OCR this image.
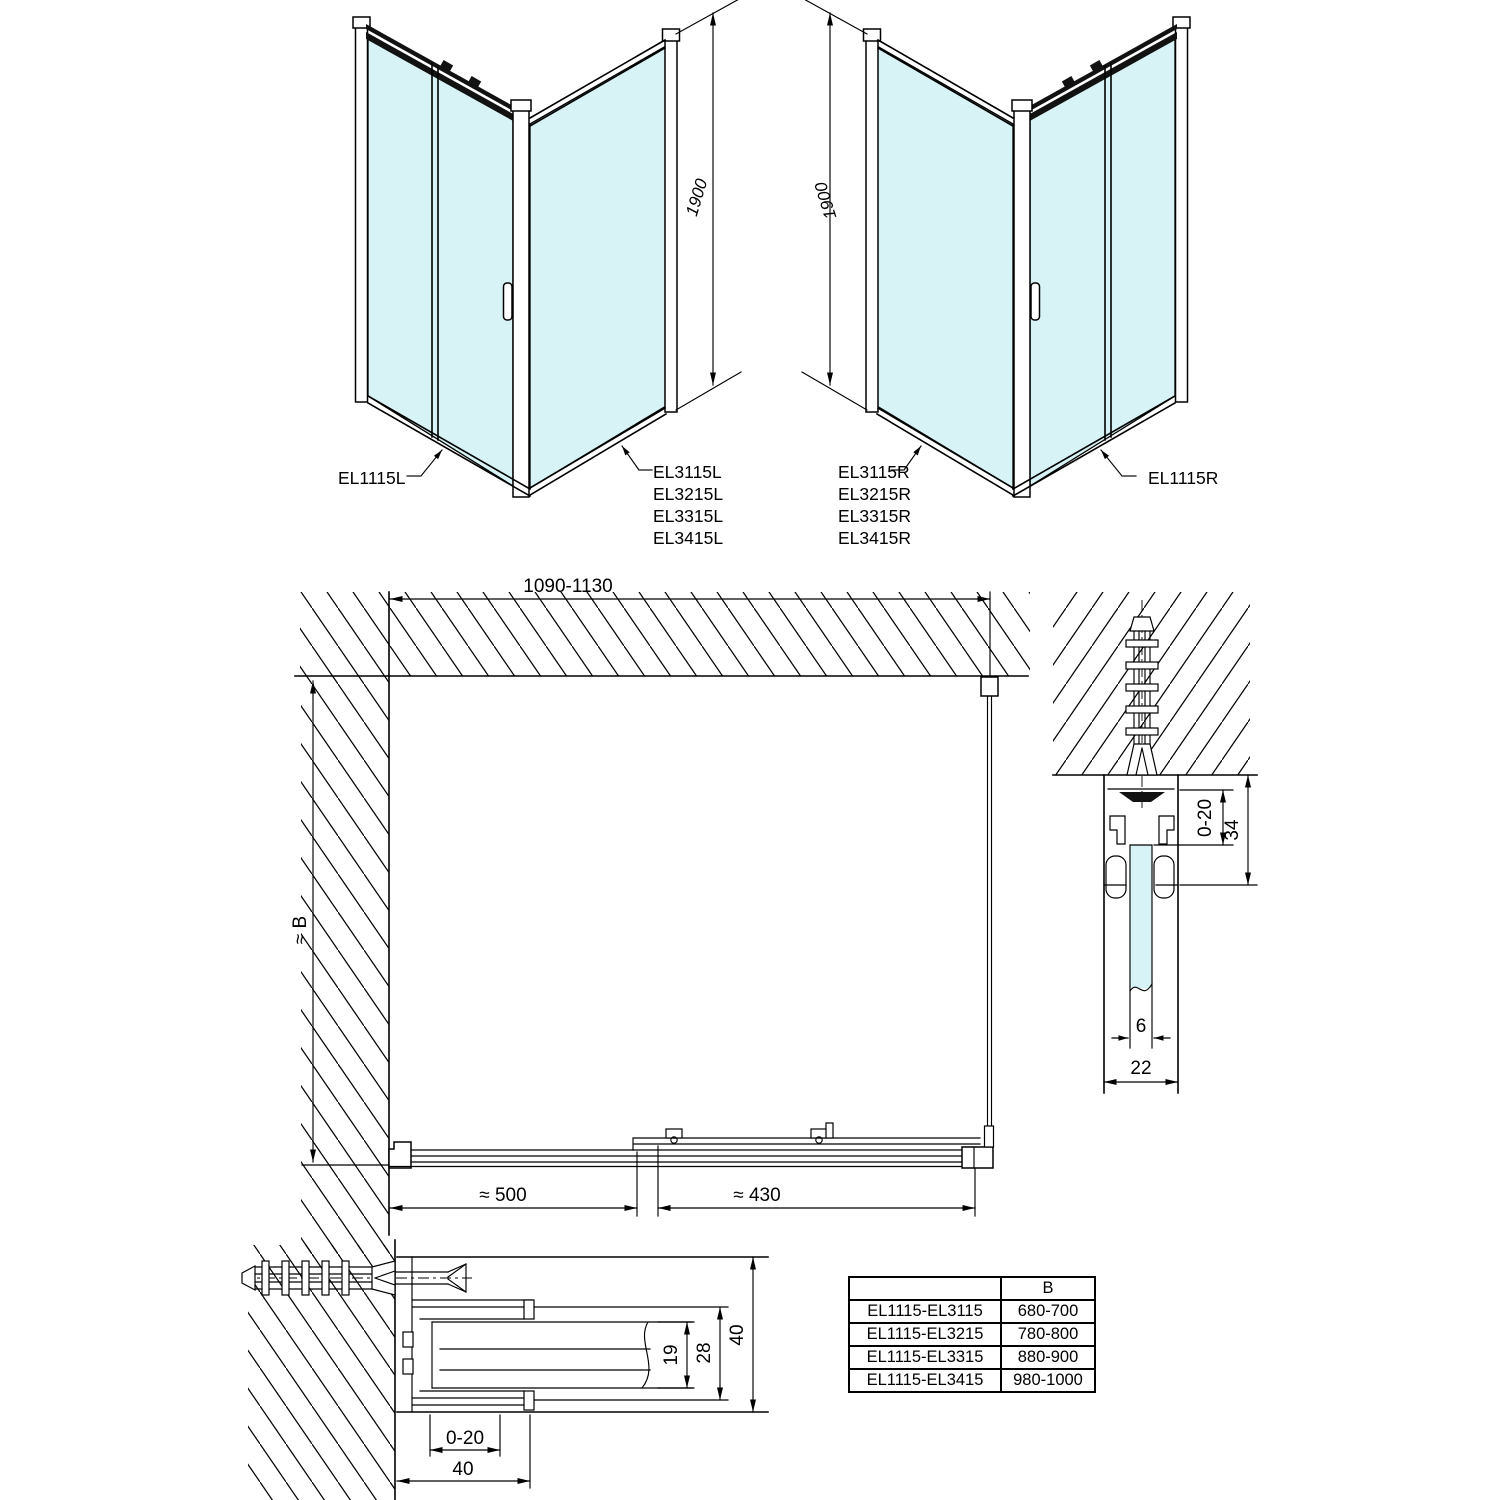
1900
EL1115L	EL3115L
EL3215L
EL3315L
EL3415L
1900
EL1115R
EL3115R
EL3215R
EL3315R
EL3415R
1090-1130
≈ B
≈ 500	≈ 430
0-20 34
6
22
0-20
40
19 28
40
	B
EL1115-EL3115	680-700
EL1115-EL3215	780-800
EL1115-EL3315	880-900
EL1115-EL3415	980-1000
